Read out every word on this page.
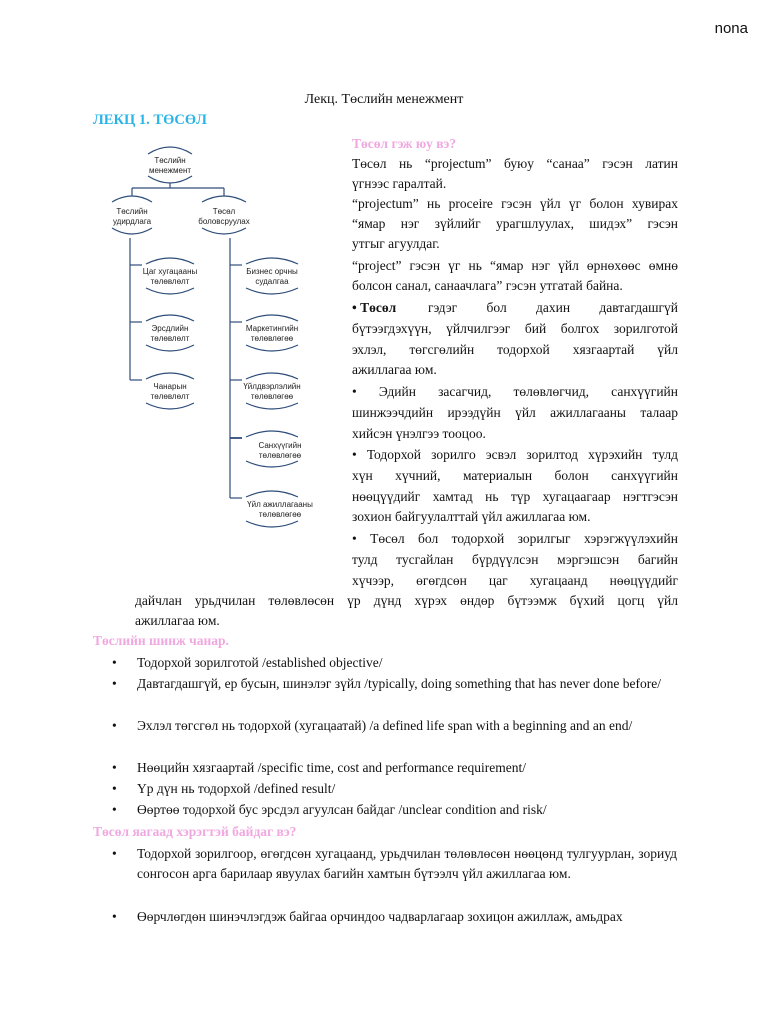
nona
Лекц. Төслийн менежмент
ЛЕКЦ 1. ТӨСӨЛ
Төслийн
менежмент
Төслийн
удирдлага
Төсөл
боловсруулах
Цаг хугацааны
төлөвлөлт
Эрсдлийн
төлөвлөлт
Чанарын
төлөвлөлт
Бизнес орчны
судалгаа
Маркетингийн
төлөвлөгөө
Үйлдвэрлэлийн
төлөвлөгөө
Санхүүгийн
төлөвлөгөө
Үйл ажиллагааны
төлөвлөгөө
Төсөл гэж юу вэ?
Төсөл нь “projectum” буюу “санаа” гэсэн латин
үгнээс гаралтай.
“projectum” нь proceire гэсэн үйл үг болон хувирах
“ямар нэг зүйлийг урагшлуулах, шидэх” гэсэн
утгыг агуулдаг.
“project” гэсэн үг нь “ямар нэг үйл өрнөхөөс өмнө
болсон санал, санаачлага” гэсэн утгатай байна.
• Төсөл гэдэг бол дахин давтагдашгүй
бүтээгдэхүүн, үйлчилгээг бий болгох зорилготой
эхлэл, төгсгөлийн тодорхой хязгаартай үйл
ажиллагаа юм.
• Эдийн засагчид, төлөвлөгчид, санхүүгийн
шинжээчдийн ирээдүйн үйл ажиллагааны талаар
хийсэн үнэлгээ тооцоо.
• Тодорхой зорилго эсвэл зорилтод хүрэхийн тулд
хүн хүчний, материалын болон санхүүгийн
нөөцүүдийг хамтад нь түр хугацаагаар нэгтгэсэн
зохион байгуулалттай үйл ажиллагаа юм.
• Төсөл бол тодорхой зорилгыг хэрэгжүүлэхийн
тулд тусгайлан бүрдүүлсэн мэргэшсэн багийн
хүчээр, өгөгдсөн цаг хугацаанд нөөцүүдийг
дайчлан урьдчилан төлөвлөсөн үр дүнд хүрэх өндөр бүтээмж бүхий цогц үйл
ажиллагаа юм.
Төслийн шинж чанар.
• Тодорхой зорилготой /established objective/
• Давтагдашгүй, ер бусын, шинэлэг зүйл /typically, doing something that has never done before/
• Эхлэл төгсгөл нь тодорхой (хугацаатай) /a defined life span with a beginning and an end/
• Нөөцийн хязгаартай /specific time, cost and performance requirement/
• Үр дүн нь тодорхой /defined result/
• Өөртөө тодорхой бус эрсдэл агуулсан байдаг /unclear condition and risk/
Төсөл яагаад хэрэгтэй байдаг вэ?
• Тодорхой зорилгоор, өгөгдсөн хугацаанд, урьдчилан төлөвлөсөн нөөцөнд тулгуурлан, зориуд сонгосон арга барилаар явуулах багийн хамтын бүтээлч үйл ажиллагаа юм.
• Өөрчлөгдөн шинэчлэгдэж байгаа орчиндоо чадварлагаар зохицон ажиллаж, амьдрах
